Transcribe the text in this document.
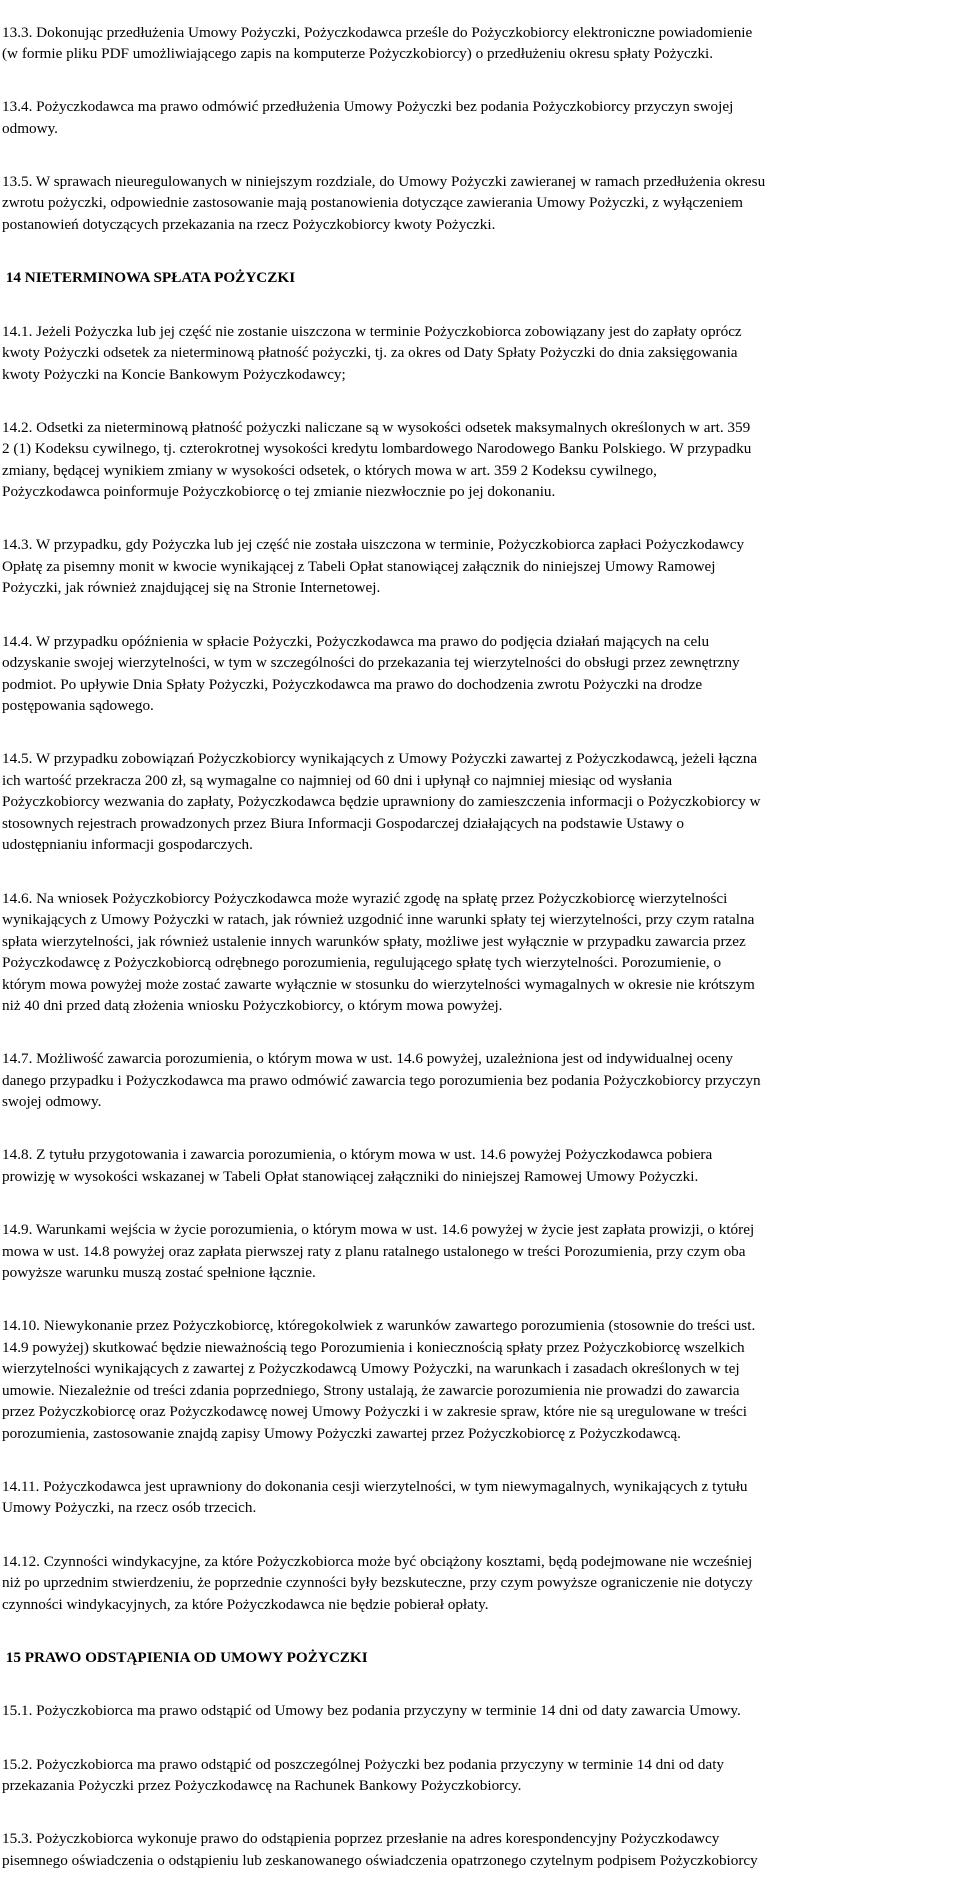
13.3. Dokonując przedłużenia Umowy Pożyczki, Pożyczkodawca prześle do Pożyczkobiorcy elektroniczne powiadomienie
(w formie pliku PDF umożliwiającego zapis na komputerze Pożyczkobiorcy) o przedłużeniu okresu spłaty Pożyczki.

13.4. Pożyczkodawca ma prawo odmówić przedłużenia Umowy Pożyczki bez podania Pożyczkobiorcy przyczyn swojej
odmowy.

13.5. W sprawach nieuregulowanych w niniejszym rozdziale, do Umowy Pożyczki zawieranej w ramach przedłużenia okresu
zwrotu pożyczki, odpowiednie zastosowanie mają postanowienia dotyczące zawierania Umowy Pożyczki, z wyłączeniem
postanowień dotyczących przekazania na rzecz Pożyczkobiorcy kwoty Pożyczki.

14 NIETERMINOWA SPŁATA POŻYCZKI

14.1. Jeżeli Pożyczka lub jej część nie zostanie uiszczona w terminie Pożyczkobiorca zobowiązany jest do zapłaty oprócz
kwoty Pożyczki odsetek za nieterminową płatność pożyczki, tj. za okres od Daty Spłaty Pożyczki do dnia zaksięgowania
kwoty Pożyczki na Koncie Bankowym Pożyczkodawcy;

14.2. Odsetki za nieterminową płatność pożyczki naliczane są w wysokości odsetek maksymalnych określonych w art. 359
2 (1) Kodeksu cywilnego, tj. czterokrotnej wysokości kredytu lombardowego Narodowego Banku Polskiego. W przypadku
zmiany, będącej wynikiem zmiany w wysokości odsetek, o których mowa w art. 359 2 Kodeksu cywilnego,
Pożyczkodawca poinformuje Pożyczkobiorcę o tej zmianie niezwłocznie po jej dokonaniu.

14.3. W przypadku, gdy Pożyczka lub jej część nie została uiszczona w terminie, Pożyczkobiorca zapłaci Pożyczkodawcy
Opłatę za pisemny monit w kwocie wynikającej z Tabeli Opłat stanowiącej załącznik do niniejszej Umowy Ramowej
Pożyczki, jak również znajdującej się na Stronie Internetowej.

14.4. W przypadku opóźnienia w spłacie Pożyczki, Pożyczkodawca ma prawo do podjęcia działań mających na celu
odzyskanie swojej wierzytelności, w tym w szczególności do przekazania tej wierzytelności do obsługi przez zewnętrzny
podmiot. Po upływie Dnia Spłaty Pożyczki, Pożyczkodawca ma prawo do dochodzenia zwrotu Pożyczki na drodze
postępowania sądowego.

14.5. W przypadku zobowiązań Pożyczkobiorcy wynikających z Umowy Pożyczki zawartej z Pożyczkodawcą, jeżeli łączna
ich wartość przekracza 200 zł, są wymagalne co najmniej od 60 dni i upłynął co najmniej miesiąc od wysłania
Pożyczkobiorcy wezwania do zapłaty, Pożyczkodawca będzie uprawniony do zamieszczenia informacji o Pożyczkobiorcy w
stosownych rejestrach prowadzonych przez Biura Informacji Gospodarczej działających na podstawie Ustawy o
udostępnianiu informacji gospodarczych.

14.6. Na wniosek Pożyczkobiorcy Pożyczkodawca może wyrazić zgodę na spłatę przez Pożyczkobiorcę wierzytelności
wynikających z Umowy Pożyczki w ratach, jak również uzgodnić inne warunki spłaty tej wierzytelności, przy czym ratalna
spłata wierzytelności, jak również ustalenie innych warunków spłaty, możliwe jest wyłącznie w przypadku zawarcia przez
Pożyczkodawcę z Pożyczkobiorcą odrębnego porozumienia, regulującego spłatę tych wierzytelności. Porozumienie, o
którym mowa powyżej może zostać zawarte wyłącznie w stosunku do wierzytelności wymagalnych w okresie nie krótszym
niż 40 dni przed datą złożenia wniosku Pożyczkobiorcy, o którym mowa powyżej.

14.7. Możliwość zawarcia porozumienia, o którym mowa w ust. 14.6 powyżej, uzależniona jest od indywidualnej oceny
danego przypadku i Pożyczkodawca ma prawo odmówić zawarcia tego porozumienia bez podania Pożyczkobiorcy przyczyn
swojej odmowy.

14.8. Z tytułu przygotowania i zawarcia porozumienia, o którym mowa w ust. 14.6 powyżej Pożyczkodawca pobiera
prowizję w wysokości wskazanej w Tabeli Opłat stanowiącej załączniki do niniejszej Ramowej Umowy Pożyczki.

14.9. Warunkami wejścia w życie porozumienia, o którym mowa w ust. 14.6 powyżej w życie jest zapłata prowizji, o której
mowa w ust. 14.8 powyżej oraz zapłata pierwszej raty z planu ratalnego ustalonego w treści Porozumienia, przy czym oba
powyższe warunku muszą zostać spełnione łącznie.

14.10. Niewykonanie przez Pożyczkobiorcę, któregokolwiek z warunków zawartego porozumienia (stosownie do treści ust.
14.9 powyżej) skutkować będzie nieważnością tego Porozumienia i koniecznością spłaty przez Pożyczkobiorcę wszelkich
wierzytelności wynikających z zawartej z Pożyczkodawcą Umowy Pożyczki, na warunkach i zasadach określonych w tej
umowie. Niezależnie od treści zdania poprzedniego, Strony ustalają, że zawarcie porozumienia nie prowadzi do zawarcia
przez Pożyczkobiorcę oraz Pożyczkodawcę nowej Umowy Pożyczki i w zakresie spraw, które nie są uregulowane w treści
porozumienia, zastosowanie znajdą zapisy Umowy Pożyczki zawartej przez Pożyczkobiorcę z Pożyczkodawcą.

14.11. Pożyczkodawca jest uprawniony do dokonania cesji wierzytelności, w tym niewymagalnych, wynikających z tytułu
Umowy Pożyczki, na rzecz osób trzecich.

14.12. Czynności windykacyjne, za które Pożyczkobiorca może być obciążony kosztami, będą podejmowane nie wcześniej
niż po uprzednim stwierdzeniu, że poprzednie czynności były bezskuteczne, przy czym powyższe ograniczenie nie dotyczy
czynności windykacyjnych, za które Pożyczkodawca nie będzie pobierał opłaty.

15 PRAWO ODSTĄPIENIA OD UMOWY POŻYCZKI

15.1. Pożyczkobiorca ma prawo odstąpić od Umowy bez podania przyczyny w terminie 14 dni od daty zawarcia Umowy.

15.2. Pożyczkobiorca ma prawo odstąpić od poszczególnej Pożyczki bez podania przyczyny w terminie 14 dni od daty
przekazania Pożyczki przez Pożyczkodawcę na Rachunek Bankowy Pożyczkobiorcy.

15.3. Pożyczkobiorca wykonuje prawo do odstąpienia poprzez przesłanie na adres korespondencyjny Pożyczkodawcy
pisemnego oświadczenia o odstąpieniu lub zeskanowanego oświadczenia opatrzonego czytelnym podpisem Pożyczkobiorcy
